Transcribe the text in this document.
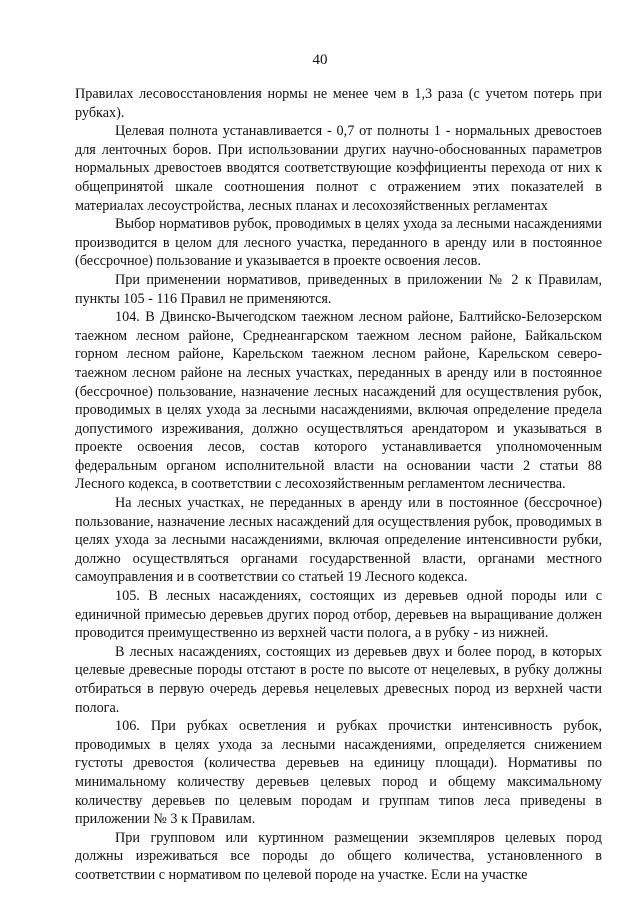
40

Правилах лесовосстановления нормы не менее чем в 1,3 раза (с учетом потерь при рубках).

Целевая полнота устанавливается - 0,7 от полноты 1 - нормальных древостоев для ленточных боров. При использовании других научно-обоснованных параметров нормальных древостоев вводятся соответствующие коэффициенты перехода от них к общепринятой шкале соотношения полнот с отражением этих показателей в материалах лесоустройства, лесных планах и лесохозяйственных регламентах

Выбор нормативов рубок, проводимых в целях ухода за лесными насаждениями производится в целом для лесного участка, переданного в аренду или в постоянное (бессрочное) пользование и указывается в проекте освоения лесов.

При применении нормативов, приведенных в приложении № 2 к Правилам, пункты 105 - 116 Правил не применяются.

104. В Двинско-Вычегодском таежном лесном районе, Балтийско-Белозерском таежном лесном районе, Среднеангарском таежном лесном районе, Байкальском горном лесном районе, Карельском таежном лесном районе, Карельском северо-таежном лесном районе на лесных участках, переданных в аренду или в постоянное (бессрочное) пользование, назначение лесных насаждений для осуществления рубок, проводимых в целях ухода за лесными насаждениями, включая определение предела допустимого изреживания, должно осуществляться арендатором и указываться в проекте освоения лесов, состав которого устанавливается уполномоченным федеральным органом исполнительной власти на основании части 2 статьи 88 Лесного кодекса, в соответствии с лесохозяйственным регламентом лесничества.

На лесных участках, не переданных в аренду или в постоянное (бессрочное) пользование, назначение лесных насаждений для осуществления рубок, проводимых в целях ухода за лесными насаждениями, включая определение интенсивности рубки, должно осуществляться органами государственной власти, органами местного самоуправления и в соответствии со статьей 19 Лесного кодекса.

105. В лесных насаждениях, состоящих из деревьев одной породы или с единичной примесью деревьев других пород отбор, деревьев на выращивание должен проводится преимущественно из верхней части полога, а в рубку - из нижней.

В лесных насаждениях, состоящих из деревьев двух и более пород, в которых целевые древесные породы отстают в росте по высоте от нецелевых, в рубку должны отбираться в первую очередь деревья нецелевых древесных пород из верхней части полога.

106. При рубках осветления и рубках прочистки интенсивность рубок, проводимых в целях ухода за лесными насаждениями, определяется снижением густоты древостоя (количества деревьев на единицу площади). Нормативы по минимальному количеству деревьев целевых пород и общему максимальному количеству деревьев по целевым породам и группам типов леса приведены в приложении № 3 к Правилам.

При групповом или куртинном размещении экземпляров целевых пород должны изреживаться все породы до общего количества, установленного в соответствии с нормативом по целевой породе на участке. Если на участке
